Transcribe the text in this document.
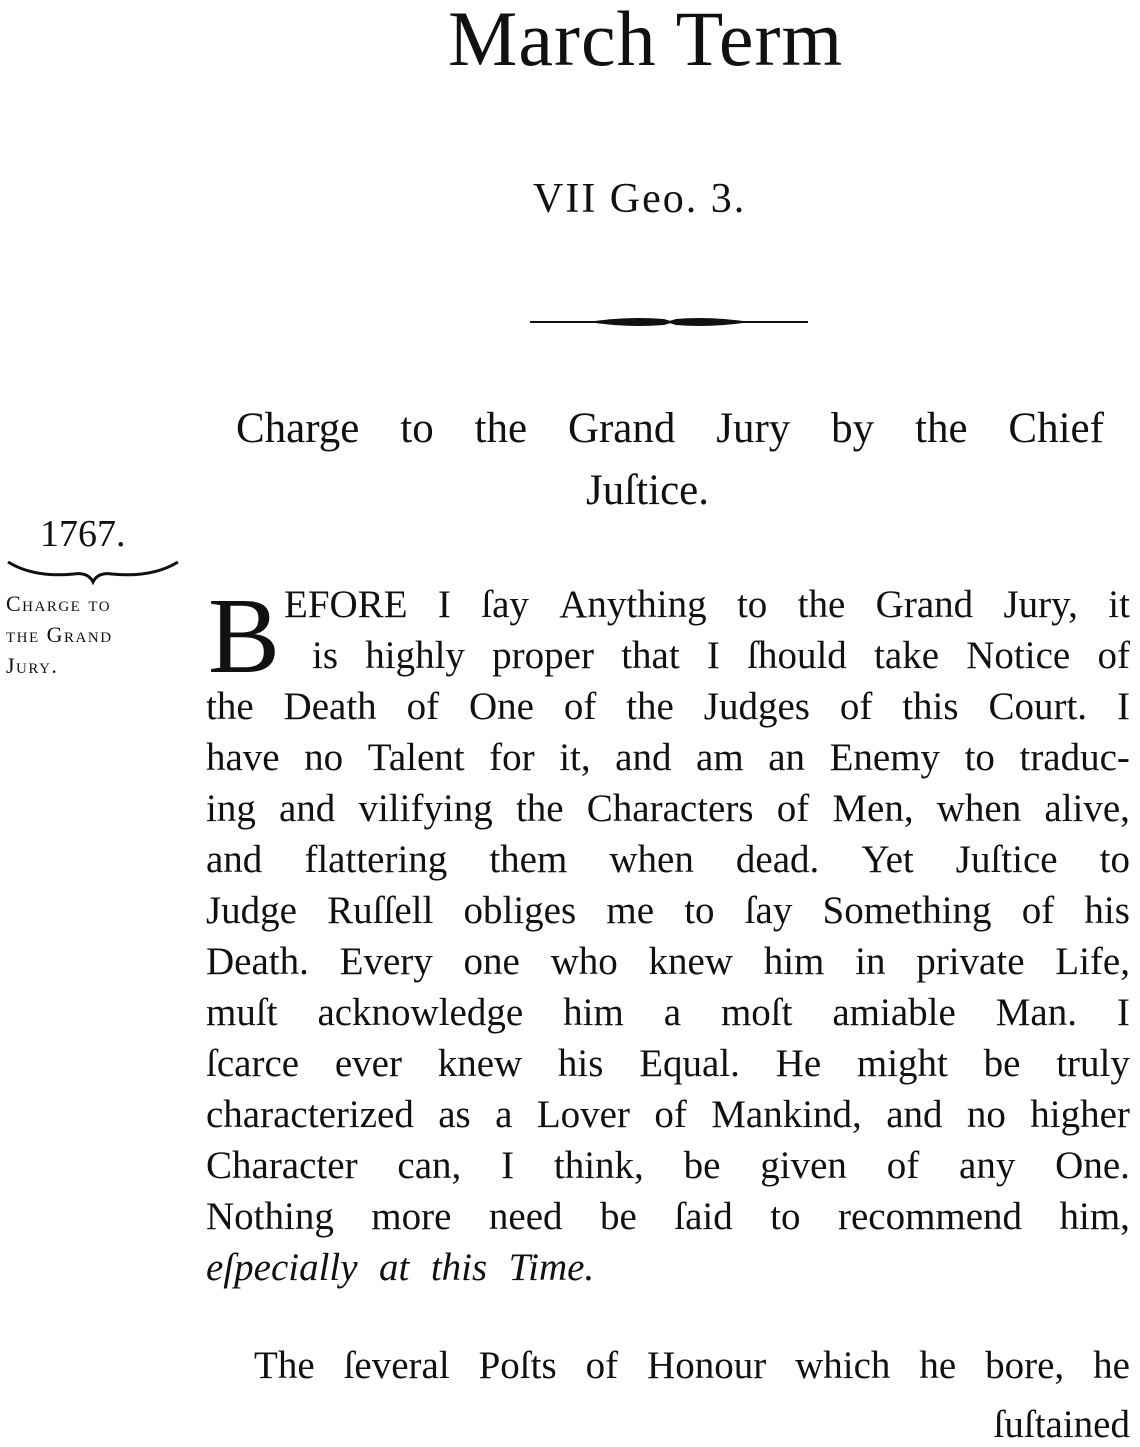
March Term
VII Geo. 3.
Charge to the Grand Jury by the Chief
Juſtice.
1767.
Charge to
the Grand
Jury.	B EFORE I ſay Anything to the Grand Jury, it
is highly proper that I ſhould take Notice of
the Death of One of the Judges of this Court. I
have no Talent for it, and am an Enemy to traduc-
ing and vilifying the Characters of Men, when alive,
and flattering them when dead. Yet Juſtice to
Judge Ruſſell obliges me to ſay Something of his
Death. Every one who knew him in private Life,
muſt acknowledge him a moſt amiable Man. I
ſcarce ever knew his Equal. He might be truly
characterized as a Lover of Mankind, and no higher
Character can, I think, be given of any One.
Nothing more need be ſaid to recommend him,
eſpecially at this Time.
The ſeveral Poſts of Honour which he bore, he
ſuſtained
